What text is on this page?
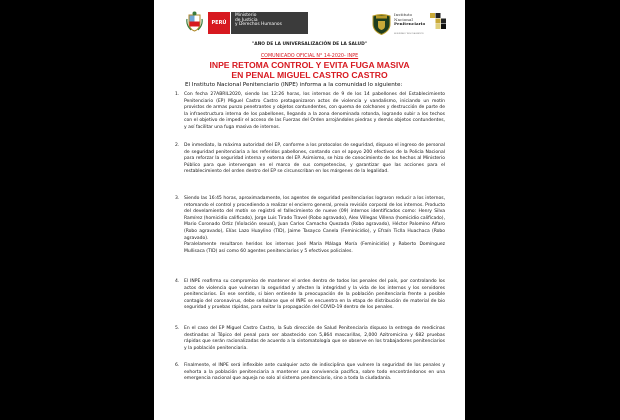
PERÚ
Ministerio
de Justicia
y Derechos Humanos
Instituto
Nacional
Penitenciario
SEGURIDAD Y RESOCIALIZACIÓN
"AÑO DE LA UNIVERSALIZACIÓN DE LA SALUD"
COMUNICADO OFICIAL N° 14-2020- INPE
INPE RETOMA CONTROL Y EVITA FUGA MASIVA
EN PENAL MIGUEL CASTRO CASTRO
El Instituto Nacional Penitenciario (INPE) informa a la comunidad lo siguiente:
1. Con fecha 27ABRIL2020, siendo las 12:26 horas, los internos de 9 de los 14 pabellones del Establecimiento Penitenciario (EP) Miguel Castro Castro protagonizaron actos de violencia y vandalismo, iniciando un motín provistos de armas punzo penetrantes y objetos contundentes, con quema de colchones y destrucción de parte de la infraestructura interna de los pabellones, llegando a la zona denominada rotonda, logrando subir a los techos con el objetivo de impedir el acceso de las Fuerzas del Orden arrojándoles piedras y demás objetos contundentes, y así facilitar una fuga masiva de internos.

2. De inmediato, la máxima autoridad del EP, conforme a los protocolos de seguridad, dispuso el ingreso de personal de seguridad penitenciaria a los referidos pabellones, contando con el apoyo 200 efectivos de la Policía Nacional para reforzar la seguridad interna y externa del EP. Asimismo, se hizo de conocimiento de los hechos al Ministerio Público para que intervengan en el marco de sus competencias, y garantizar que las acciones para el restablecimiento del orden dentro del EP se circunscriban en los márgenes de la legalidad.

3. Siendo las 16:45 horas, aproximadamente, los agentes de seguridad penitenciarios lograron reducir a los internos, retomando el control y procediendo a realizar el encierro general, previa revisión corporal de los internos. Producto del develamiento del motín se registró el fallecimiento de nueve (09) internos identificados como: Henry Silva Ramírez (homicidio calificado), Jorge Luis Tirado Travel (Robo agravado), Alex Villegas Villena (homicidio calificado), Mario Coronado Ortiz (Violación sexual), Juan Carlos Camacho Quezada (Robo agravado), Héctor Palomino Alfaro (Robo agravado), Elías Lazo Huaylino (TID), Jaime Tasayco Canela (Feminicidio), y Efraín Ticlla Huachaca (Robo agravado).

Paralelamente resultaron heridos los internos José María Málaga Moría (Feminicidio) y Roberto Domínguez Mullisaca (TID) así como 60 agentes penitenciarios y 5 efectivos policiales.

4. El INPE reafirma su compromiso de mantener el orden dentro de todos los penales del país, por controlando los actos de violencia que vulneran la seguridad y afecten la integridad y la vida de los internos y los servidores penitenciarios. En ese sentido, si bien entiende la preocupación de la población penitenciaria frente a posible contagio del coronavirus, debe señalarse que el INPE se encuentra en la etapa de distribución de material de bio seguridad y pruebas rápidas, para evitar la propagación del COVID-19 dentro de los penales.

5. En el caso del EP Miguel Castro Castro, la Sub dirección de Salud Penitenciaria dispuso la entrega de medicinas destinadas al Tópico del penal para ser abastecido con 5,864 mascarillas, 2,000 Azitromicina y 682 pruebas rápidas que serán racionalizadas de acuerdo a la sintomatología que se observe en los trabajadores penitenciarios y la población penitenciaria.

6. Finalmente, el INPE será inflexible ante cualquier acto de indisciplina que vulnere la seguridad de los penales y exhorta a la población penitenciaria a mantener una convivencia pacífica, sobre todo encontrándonos en una emergencia nacional que aqueja no solo al sistema penitenciario, sino a toda la ciudadanía.
